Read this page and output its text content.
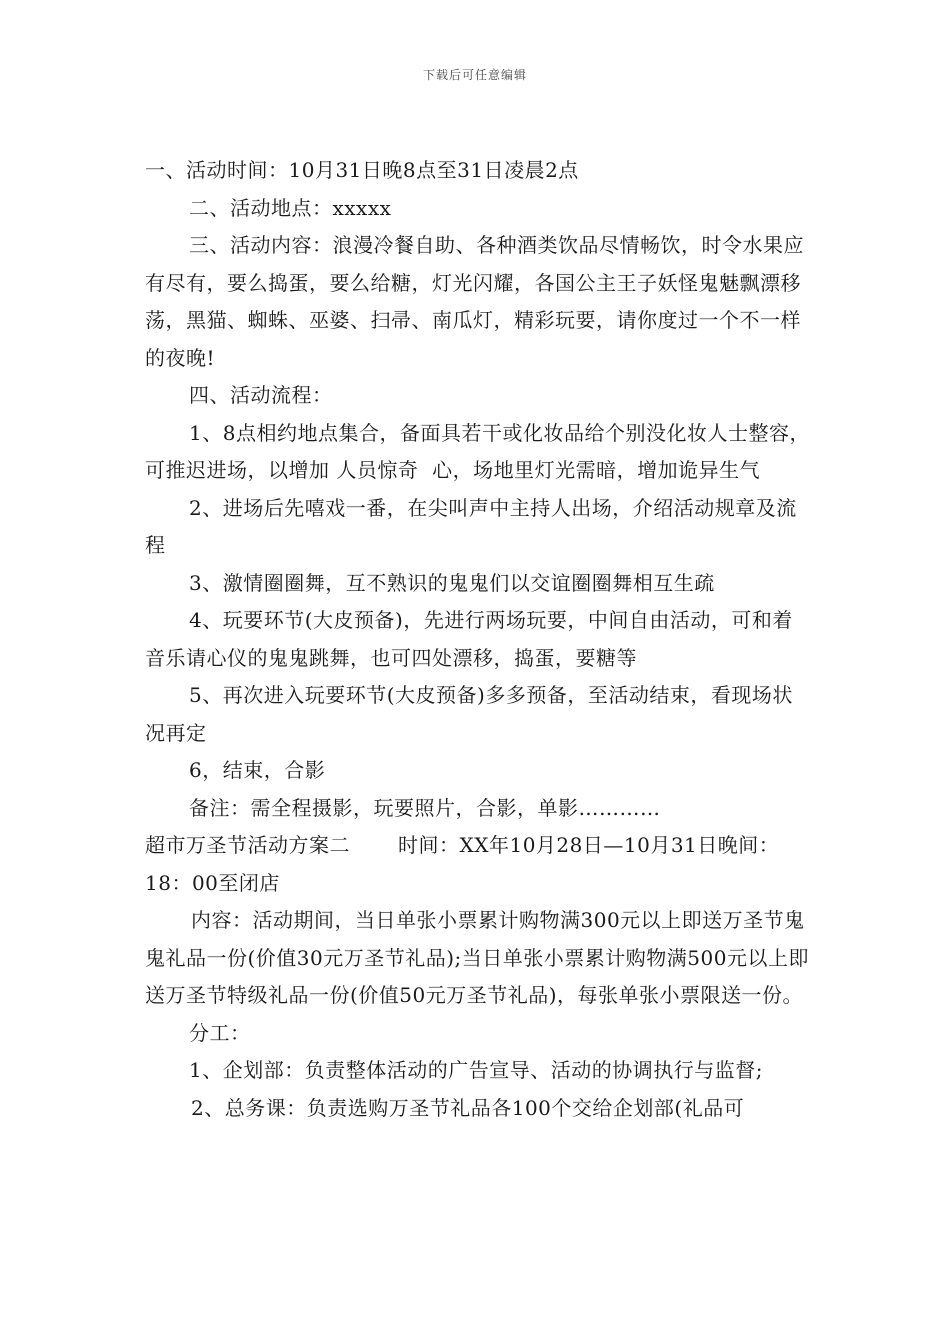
下载后可任意编辑

一、活动时间：10月31日晚8点至31日凌晨2点

二、活动地点：xxxxx

三、活动内容：浪漫冷餐自助、各种酒类饮品尽情畅饮，时令水果应有尽有，要么捣蛋，要么给糖，灯光闪耀，各国公主王子妖怪鬼魅飘漂移荡，黑猫、蜘蛛、巫婆、扫帚、南瓜灯，精彩玩要，请你度过一个不一样的夜晚!

四、活动流程：

1、8点相约地点集合，备面具若干或化妆品给个别没化妆人士整容，可推迟进场，以增加 人员惊奇  心，场地里灯光需暗，增加诡异生气

2、进场后先嘻戏一番，在尖叫声中主持人出场，介绍活动规章及流程

3、激情圈圈舞，互不熟识的鬼鬼们以交谊圈圈舞相互生疏

4、玩要环节(大皮预备)，先进行两场玩要，中间自由活动，可和着音乐请心仪的鬼鬼跳舞，也可四处漂移，捣蛋，要糖等

5、再次进入玩要环节(大皮预备)多多预备，至活动结束，看现场状况再定

6，结束，合影

备注：需全程摄影，玩要照片，合影，单影…………

超市万圣节活动方案二       时间：XX年10月28日—10月31日晚间：18：00至闭店

内容：活动期间，当日单张小票累计购物满300元以上即送万圣节鬼鬼礼品一份(价值30元万圣节礼品);当日单张小票累计购物满500元以上即送万圣节特级礼品一份(价值50元万圣节礼品)，每张单张小票限送一份。

分工：

1、企划部：负责整体活动的广告宣导、活动的协调执行与监督;

2、总务课：负责选购万圣节礼品各100个交给企划部(礼品可
